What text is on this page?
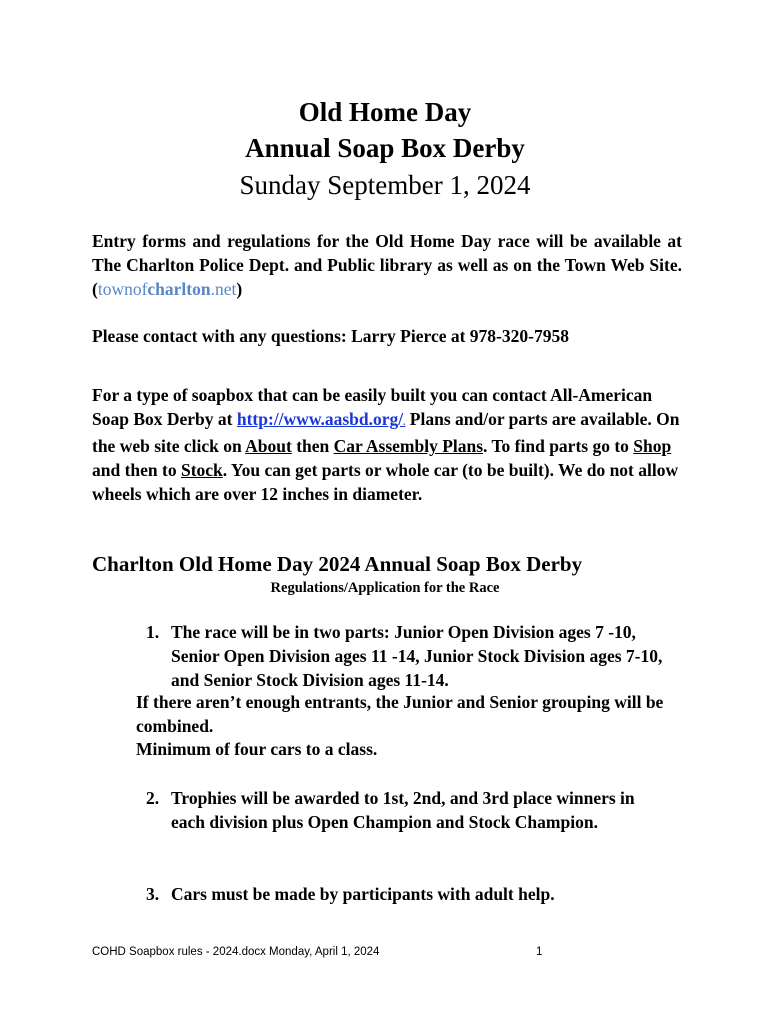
Old Home Day
Annual Soap Box Derby
Sunday September 1, 2024
Entry forms and regulations for the Old Home Day race will be available at The Charlton Police Dept. and Public library as well as on the Town Web Site. (townofcharlton.net)
Please contact with any questions: Larry Pierce at 978-320-7958
For a type of soapbox that can be easily built you can contact All-American Soap Box Derby at http://www.aasbd.org/. Plans and/or parts are available. On the web site click on About then Car Assembly Plans. To find parts go to Shop and then to Stock. You can get parts or whole car (to be built). We do not allow wheels which are over 12 inches in diameter.
Charlton Old Home Day 2024 Annual Soap Box Derby
Regulations/Application for the Race
1. The race will be in two parts: Junior Open Division ages 7 -10, Senior Open Division ages 11 -14, Junior Stock Division ages 7-10, and Senior Stock Division ages 11-14.
If there aren’t enough entrants, the Junior and Senior grouping will be combined.
Minimum of four cars to a class.
2. Trophies will be awarded to 1st, 2nd, and 3rd place winners in each division plus Open Champion and Stock Champion.
3. Cars must be made by participants with adult help.
COHD Soapbox rules - 2024.docx Monday, April 1, 2024	1
